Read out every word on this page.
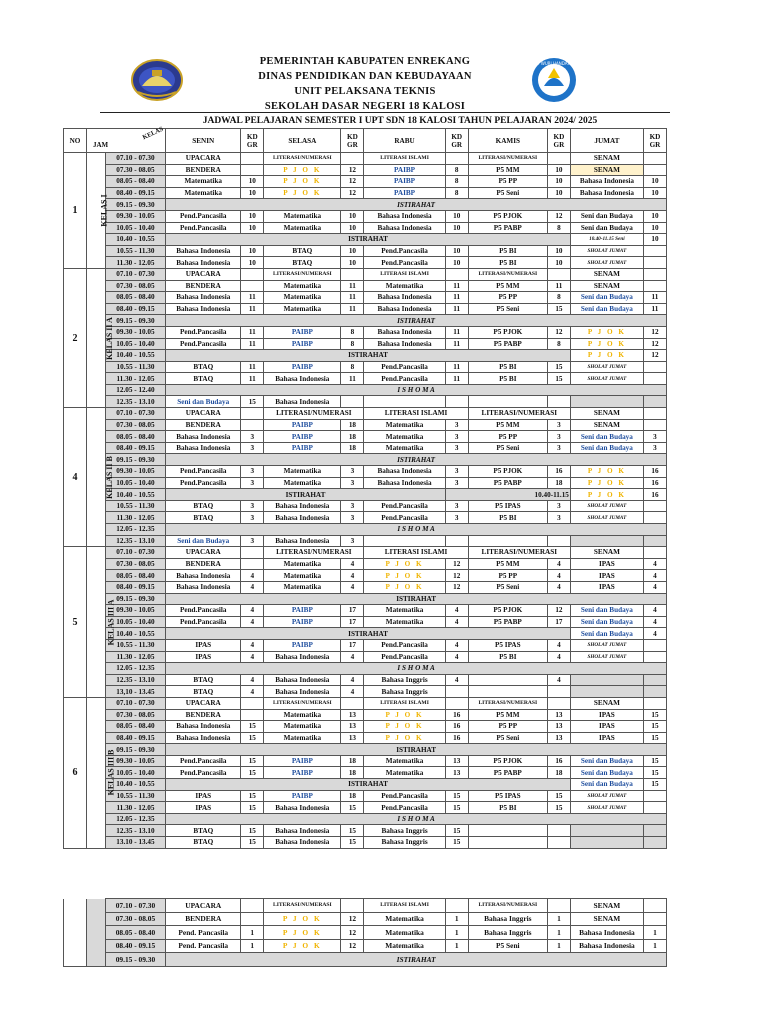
PEMERINTAH KABUPATEN ENREKANG
DINAS PENDIDIKAN DAN KEBUDAYAAN
UNIT PELAKSANA TEKNIS
SEKOLAH DASAR NEGERI 18 KALOSI
TUT WURI HANDAYANI
JADWAL PELAJARAN SEMESTER I UPT SDN 18 KALOSI TAHUN PELAJARAN 2024/ 2025
NO	KELAS
JAM		SENIN	KD
GR	SELASA	KD
GR	RABU	KD
GR	KAMIS	KD
GR	JUMAT	KD
GR
1	KELAS I	07.10 - 07.30	UPACARA		LITERASI/NUMERASI		LITERASI ISLAMI		LITERASI/NUMERASI		SENAM	
		07.30 - 08.05	BENDERA		P J O K	12	PAIBP	8	P5 MM	10	SENAM	
		08.05 - 08.40	Matematika	10	P J O K	12	PAIBP	8	P5 PP	10	Bahasa Indonesia	10
		08.40 - 09.15	Matematika	10	P J O K	12	PAIBP	8	P5 Seni	10	Bahasa Indonesia	10
		09.15 - 09.30	ISTIRAHAT									
		09.30 - 10.05	Pend.Pancasila	10	Matematika	10	Bahasa Indonesia	10	P5 PJOK	12	Seni dan Budaya	10
		10.05 - 10.40	Pend.Pancasila	10	Matematika	10	Bahasa Indonesia	10	P5 PABP	8	Seni dan Budaya	10
		10.40 - 10.55	ISTIRAHAT								10.40-11.15 Seni	10
		10.55 - 11.30	Bahasa Indonesia	10	BTAQ	10	Pend.Pancasila	10	P5 BI	10	SHOLAT JUMAT	
		11.30 - 12.05	Bahasa Indonesia	10	BTAQ	10	Pend.Pancasila	10	P5 BI	10	SHOLAT JUMAT	
2	KELAS II A	07.10 - 07.30	UPACARA		LITERASI/NUMERASI		LITERASI ISLAMI		LITERASI/NUMERASI		SENAM	
		07.30 - 08.05	BENDERA		Matematika	11	Matematika	11	P5 MM	11	SENAM	
		08.05 - 08.40	Bahasa Indonesia	11	Matematika	11	Bahasa Indonesia	11	P5 PP	8	Seni dan Budaya	11
		08.40 - 09.15	Bahasa Indonesia	11	Matematika	11	Bahasa Indonesia	11	P5 Seni	15	Seni dan Budaya	11
		09.15 - 09.30	ISTIRAHAT									
		09.30 - 10.05	Pend.Pancasila	11	PAIBP	8	Bahasa Indonesia	11	P5 PJOK	12	P J O K	12
		10.05 - 10.40	Pend.Pancasila	11	PAIBP	8	Bahasa Indonesia	11	P5 PABP	8	P J O K	12
		10.40 - 10.55	ISTIRAHAT								P J O K	12
		10.55 - 11.30	BTAQ	11	PAIBP	8	Pend.Pancasila	11	P5 BI	15	SHOLAT JUMAT	
		11.30 - 12.05	BTAQ	11	Bahasa Indonesia	11	Pend.Pancasila	11	P5 BI	15	SHOLAT JUMAT	
		12.05 - 12.40	I S H O M A									
		12.35 - 13.10	Seni dan Budaya	15	Bahasa Indonesia							
4	KELAS II B	07.10 - 07.30	UPACARA		LITERASI/NUMERASI		LITERASI ISLAMI		LITERASI/NUMERASI		SENAM	
		07.30 - 08.05	BENDERA		PAIBP	18	Matematika	3	P5 MM	3	SENAM	
		08.05 - 08.40	Bahasa Indonesia	3	PAIBP	18	Matematika	3	P5 PP	3	Seni dan Budaya	3
		08.40 - 09.15	Bahasa Indonesia	3	PAIBP	18	Matematika	3	P5 Seni	3	Seni dan Budaya	3
		09.15 - 09.30	ISTIRAHAT									
		09.30 - 10.05	Pend.Pancasila	3	Matematika	3	Bahasa Indonesia	3	P5 PJOK	16	P J O K	16
		10.05 - 10.40	Pend.Pancasila	3	Matematika	3	Bahasa Indonesia	3	P5 PABP	18	P J O K	16
		10.40 - 10.55	ISTIRAHAT					10.40-11.15			P J O K	16
		10.55 - 11.30	BTAQ	3	Bahasa Indonesia	3	Pend.Pancasila	3	P5 IPAS	3	SHOLAT JUMAT	
		11.30 - 12.05	BTAQ	3	Bahasa Indonesia	3	Pend.Pancasila	3	P5 BI	3	SHOLAT JUMAT	
		12.05 - 12.35	I S H O M A									
		12.35 - 13.10	Seni dan Budaya	3	Bahasa Indonesia	3						
5	KELAS III A	07.10 - 07.30	UPACARA		LITERASI/NUMERASI		LITERASI ISLAMI		LITERASI/NUMERASI		SENAM	
		07.30 - 08.05	BENDERA		Matematika	4	P J O K	12	P5 MM	4	IPAS	4
		08.05 - 08.40	Bahasa Indonesia	4	Matematika	4	P J O K	12	P5 PP	4	IPAS	4
		08.40 - 09.15	Bahasa Indonesia	4	Matematika	4	P J O K	12	P5 Seni	4	IPAS	4
		09.15 - 09.30	ISTIRAHAT									
		09.30 - 10.05	Pend.Pancasila	4	PAIBP	17	Matematika	4	P5 PJOK	12	Seni dan Budaya	4
		10.05 - 10.40	Pend.Pancasila	4	PAIBP	17	Matematika	4	P5 PABP	17	Seni dan Budaya	4
		10.40 - 10.55	ISTIRAHAT								Seni dan Budaya	4
		10.55 - 11.30	IPAS	4	PAIBP	17	Pend.Pancasila	4	P5 IPAS	4	SHOLAT JUMAT	
		11.30 - 12.05	IPAS	4	Bahasa Indonesia	4	Pend.Pancasila	4	P5 BI	4	SHOLAT JUMAT	
		12.05 - 12.35	I S H O M A									
		12.35 - 13.10	BTAQ	4	Bahasa Indonesia	4	Bahasa Inggris	4		4		
		13,10 - 13.45	BTAQ	4	Bahasa Indonesia	4	Bahasa Inggris					
6	KELAS III B	07.10 - 07.30	UPACARA		LITERASI/NUMERASI		LITERASI ISLAMI		LITERASI/NUMERASI		SENAM	
		07.30 - 08.05	BENDERA		Matematika	13	P J O K	16	P5 MM	13	IPAS	15
		08.05 - 08.40	Bahasa Indonesia	15	Matematika	13	P J O K	16	P5 PP	13	IPAS	15
		08.40 - 09.15	Bahasa Indonesia	15	Matematika	13	P J O K	16	P5 Seni	13	IPAS	15
		09.15 - 09.30	ISTIRAHAT									
		09.30 - 10.05	Pend.Pancasila	15	PAIBP	18	Matematika	13	P5 PJOK	16	Seni dan Budaya	15
		10.05 - 10.40	Pend.Pancasila	15	PAIBP	18	Matematika	13	P5 PABP	18	Seni dan Budaya	15
		10.40 - 10.55	ISTIRAHAT								Seni dan Budaya	15
		10.55 - 11.30	IPAS	15	PAIBP	18	Pend.Pancasila	15	P5 IPAS	15	SHOLAT JUMAT	
		11.30 - 12.05	IPAS	15	Bahasa Indonesia	15	Pend.Pancasila	15	P5 BI	15	SHOLAT JUMAT	
		12.05 - 12.35	I S H O M A									
		12.35 - 13.10	BTAQ	15	Bahasa Indonesia	15	Bahasa Inggris	15				
		13.10 - 13.45	BTAQ	15	Bahasa Indonesia	15	Bahasa Inggris	15				
		07.10 - 07.30	UPACARA		LITERASI/NUMERASI		LITERASI ISLAMI		LITERASI/NUMERASI		SENAM	
		07.30 - 08.05	BENDERA		P J O K	12	Matematika	1	Bahasa Inggris	1	SENAM	
		08.05 - 08.40	Pend. Pancasila	1	P J O K	12	Matematika	1	Bahasa Inggris	1	Bahasa Indonesia	1
		08.40 - 09.15	Pend. Pancasila	1	P J O K	12	Matematika	1	P5 Seni	1	Bahasa Indonesia	1
		09.15 - 09.30	ISTIRAHAT									
